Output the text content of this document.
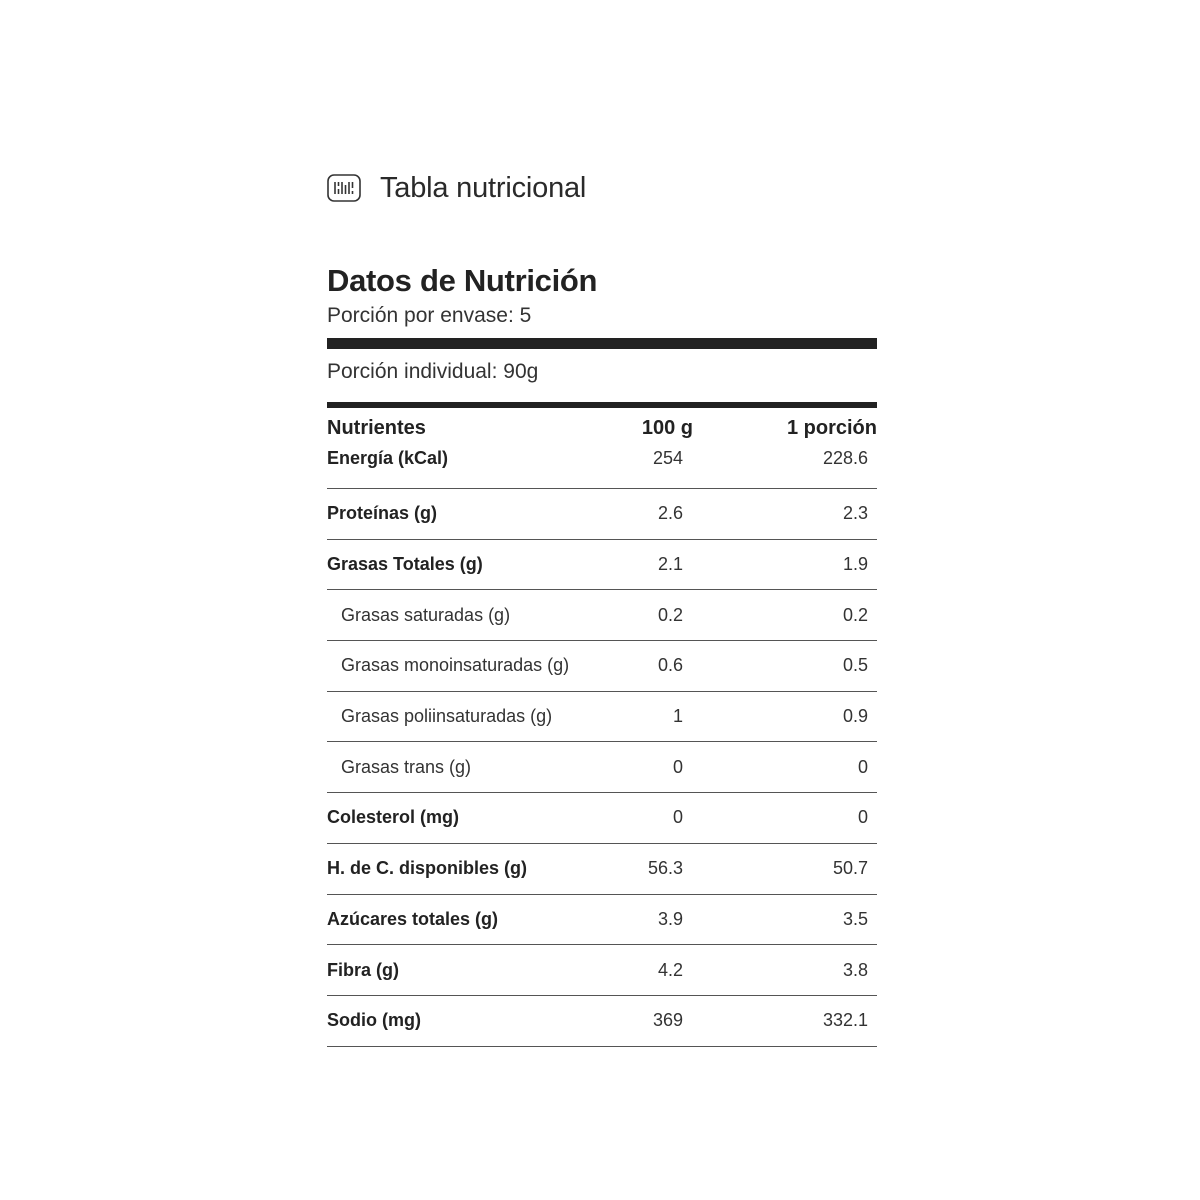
Tabla nutricional
Datos de Nutrición
Porción por envase: 5
Porción individual: 90g
Nutrientes	100 g	1 porción
Energía (kCal)	254	228.6
Proteínas (g)	2.6	2.3
Grasas Totales (g)	2.1	1.9
Grasas saturadas (g)	0.2	0.2
Grasas monoinsaturadas (g)	0.6	0.5
Grasas poliinsaturadas (g)	1	0.9
Grasas trans (g)	0	0
Colesterol (mg)	0	0
H. de C. disponibles (g)	56.3	50.7
Azúcares totales (g)	3.9	3.5
Fibra (g)	4.2	3.8
Sodio (mg)	369	332.1
